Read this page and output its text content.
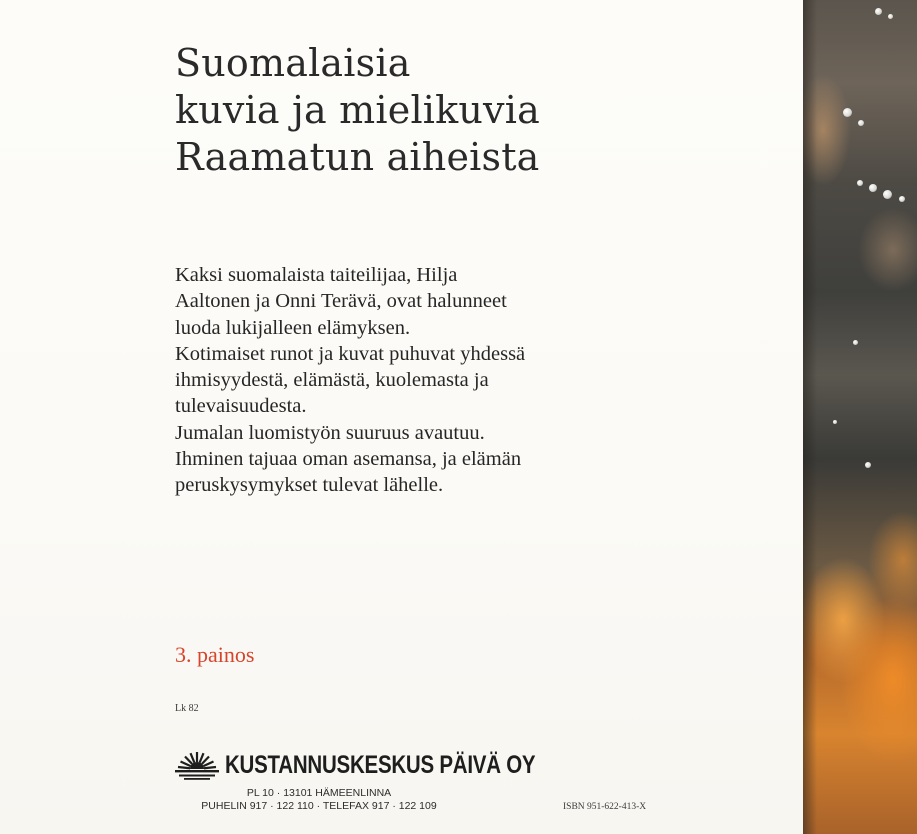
Suomalaisia
kuvia ja mielikuvia
Raamatun aiheista

Kaksi suomalaista taiteilijaa, Hilja
Aaltonen ja Onni Terävä, ovat halunneet
luoda lukijalleen elämyksen.
Kotimaiset runot ja kuvat puhuvat yhdessä
ihmisyydestä, elämästä, kuolemasta ja
tulevaisuudesta.
Jumalan luomistyön suuruus avautuu.
Ihminen tajuaa oman asemansa, ja elämän
peruskysymykset tulevat lähelle.

3. painos
Lk 82
KUSTANNUSKESKUS PÄIVÄ OY
PL 10 · 13101 HÄMEENLINNA
PUHELIN 917 · 122 110 · TELEFAX 917 · 122 109	ISBN 951-622-413-X
